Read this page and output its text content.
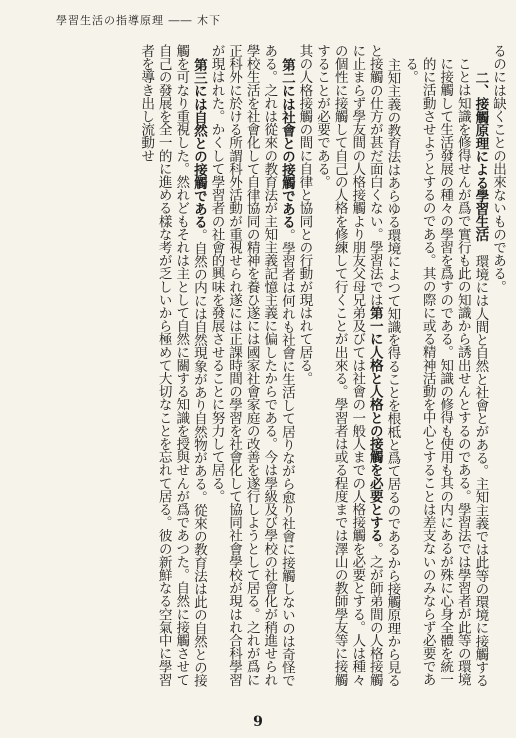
學習生活の指導原理 ―― 木下

るのには缺くことの出來ないものである。

二、接觸原理による學習生活　環境には人間と自然と社會とがある。主知主義では此等の環境に接觸することは知識を修得せんが爲で實行も此の知識から誘出せんとするのである。學習法では學習者が此等の環境に接觸して生活發展の種々の學習を爲すのである。知識の修得も使用も其の内にあるが殊に心身全體を統一的に活動させようとするのである。其の際に或る精神活動を中心とすることは差支ないのみならず必要である。

主知主義の教育法はあらゆる環境によつて知識を得ることを根柢と爲て居るのであるから接觸原理から見ると接觸の仕方が甚だ面白くない。學習法では第一に人格と人格との接觸を必要とする。之が師弟間の人格接觸に止まらず學友間の人格接觸より朋友父母兄弟及びては社會の一般人までの人格接觸を必要とする。人は種々の個性に接觸して自己の人格を修練して行くことが出來る。學習者は或る程度までは澤山の教師學友等に接觸することが必要である。

其の人格接觸の間に自律と協同との行動が現はれて居る。

第二には社會との接觸である。學習者は何れも社會に生活して居りながら愈り社會に接觸しないのは奇怪である。之れは從來の教育法が主知主義記憶主義に偏したからである。今は學級及び學校の社會化が稍進せられ學校生活を社會化して自律協同の精神を養ひ遂には國家社會家庭の改善を遂行しようとして居る。之れが爲に正科外に於ける所謂科外活動が重視せられ遂には正課時間の學習を社會化して協同社會學校が現はれ合科學習が現はれた。かくして學習者の社會的興味を發展させることに努力して居る。

第三には自然との接觸である。自然の内には自然現象があり自然物がある。從來の教育法は此の自然との接觸を可なり重視した。然れどもそれは主として自然に關する知識を授與せんが爲であつた。自然に接觸させて自己の發展を全一的に進める樣な考が乏しいから極めて大切なことを忘れて居る。彼の新鮮なる空氣中に學習者を導き出し流動せ

9
